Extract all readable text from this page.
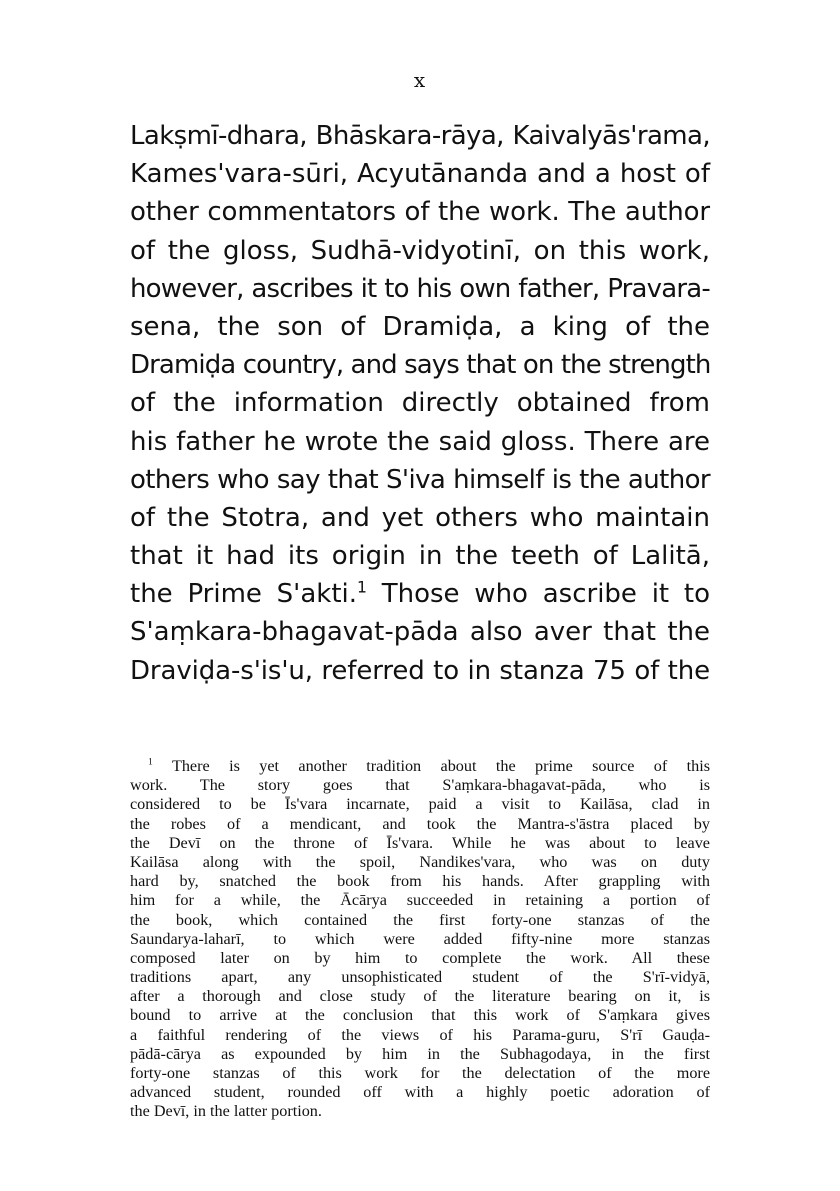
x
Lakṣmī-dhara, Bhāskara-rāya, Kaivalyās'rama,
Kames'vara-sūri, Acyutānanda and a host of
other commentators of the work. The author
of the gloss, Sudhā-vidyotinī, on this work,
however, ascribes it to his own father, Pravara-
sena, the son of Dramiḍa, a king of the
Dramiḍa country, and says that on the strength
of the information directly obtained from
his father he wrote the said gloss. There are
others who say that S'iva himself is the author
of the Stotra, and yet others who maintain
that it had its origin in the teeth of Lalitā,
the Prime S'akti.$^1$ Those who ascribe it to
S'aṃkara-bhagavat-pāda also aver that the
Draviḍa-s'is'u, referred to in stanza 75 of the
$^1$ There is yet another tradition about the prime source of this
work. The story goes that S'aṃkara-bhagavat-pāda, who is
considered to be Īs'vara incarnate, paid a visit to Kailāsa, clad in
the robes of a mendicant, and took the Mantra-s'āstra placed by
the Devī on the throne of Īs'vara. While he was about to leave
Kailāsa along with the spoil, Nandikes'vara, who was on duty
hard by, snatched the book from his hands. After grappling with
him for a while, the Ācārya succeeded in retaining a portion of
the book, which contained the first forty-one stanzas of the
Saundarya-laharī, to which were added fifty-nine more stanzas
composed later on by him to complete the work. All these
traditions apart, any unsophisticated student of the S'rī-vidyā,
after a thorough and close study of the literature bearing on it, is
bound to arrive at the conclusion that this work of S'aṃkara gives
a faithful rendering of the views of his Parama-guru, S'rī Gauḍa-
pādā-cārya as expounded by him in the Subhagodaya, in the first
forty-one stanzas of this work for the delectation of the more
advanced student, rounded off with a highly poetic adoration of
the Devī, in the latter portion.
